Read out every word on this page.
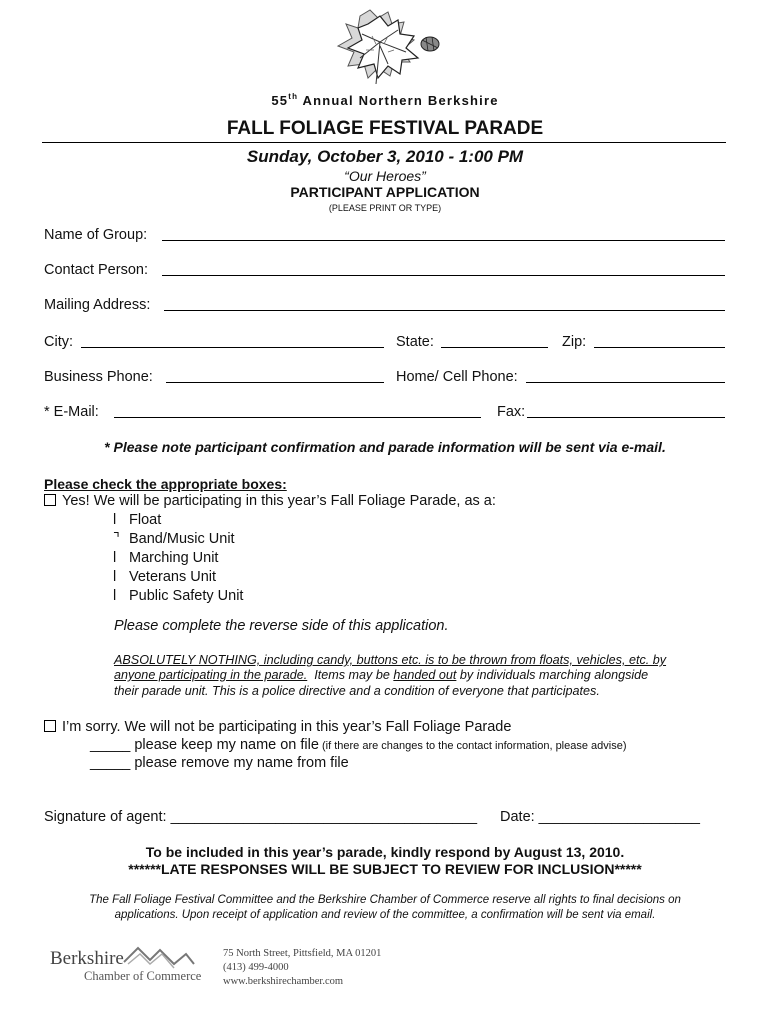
55th Annual Northern Berkshire
FALL FOLIAGE FESTIVAL PARADE
Sunday, October 3, 2010 - 1:00 PM
“Our Heroes”
PARTICIPANT APPLICATION
(PLEASE PRINT OR TYPE)
Name of Group:
Contact Person:
Mailing Address:
City:	State:	Zip:
Business Phone:	Home/ Cell Phone:
* E-Mail:	Fax:
* Please note participant confirmation and parade information will be sent via e-mail.
Please check the appropriate boxes:
Yes! We will be participating in this year’s Fall Foliage Parade, as a:
l Float
⌝ Band/Music Unit
l Marching Unit
l Veterans Unit
l Public Safety Unit
Please complete the reverse side of this application.
ABSOLUTELY NOTHING, including candy, buttons etc. is to be thrown from floats, vehicles, etc. by
anyone participating in the parade.  Items may be handed out by individuals marching alongside
their parade unit. This is a police directive and a condition of everyone that participates.
I’m sorry. We will not be participating in this year’s Fall Foliage Parade
_____ please keep my name on file (if there are changes to the contact information, please advise)
_____ please remove my name from file
Signature of agent: ______________________________________ Date: ____________________
To be included in this year’s parade, kindly respond by August 13, 2010.
******LATE RESPONSES WILL BE SUBJECT TO REVIEW FOR INCLUSION*****
The Fall Foliage Festival Committee and the Berkshire Chamber of Commerce reserve all rights to final decisions on
applications. Upon receipt of application and review of the committee, a confirmation will be sent via email.
Berkshire
Chamber of Commerce
75 North Street, Pittsfield, MA 01201
(413) 499-4000
www.berkshirechamber.com
